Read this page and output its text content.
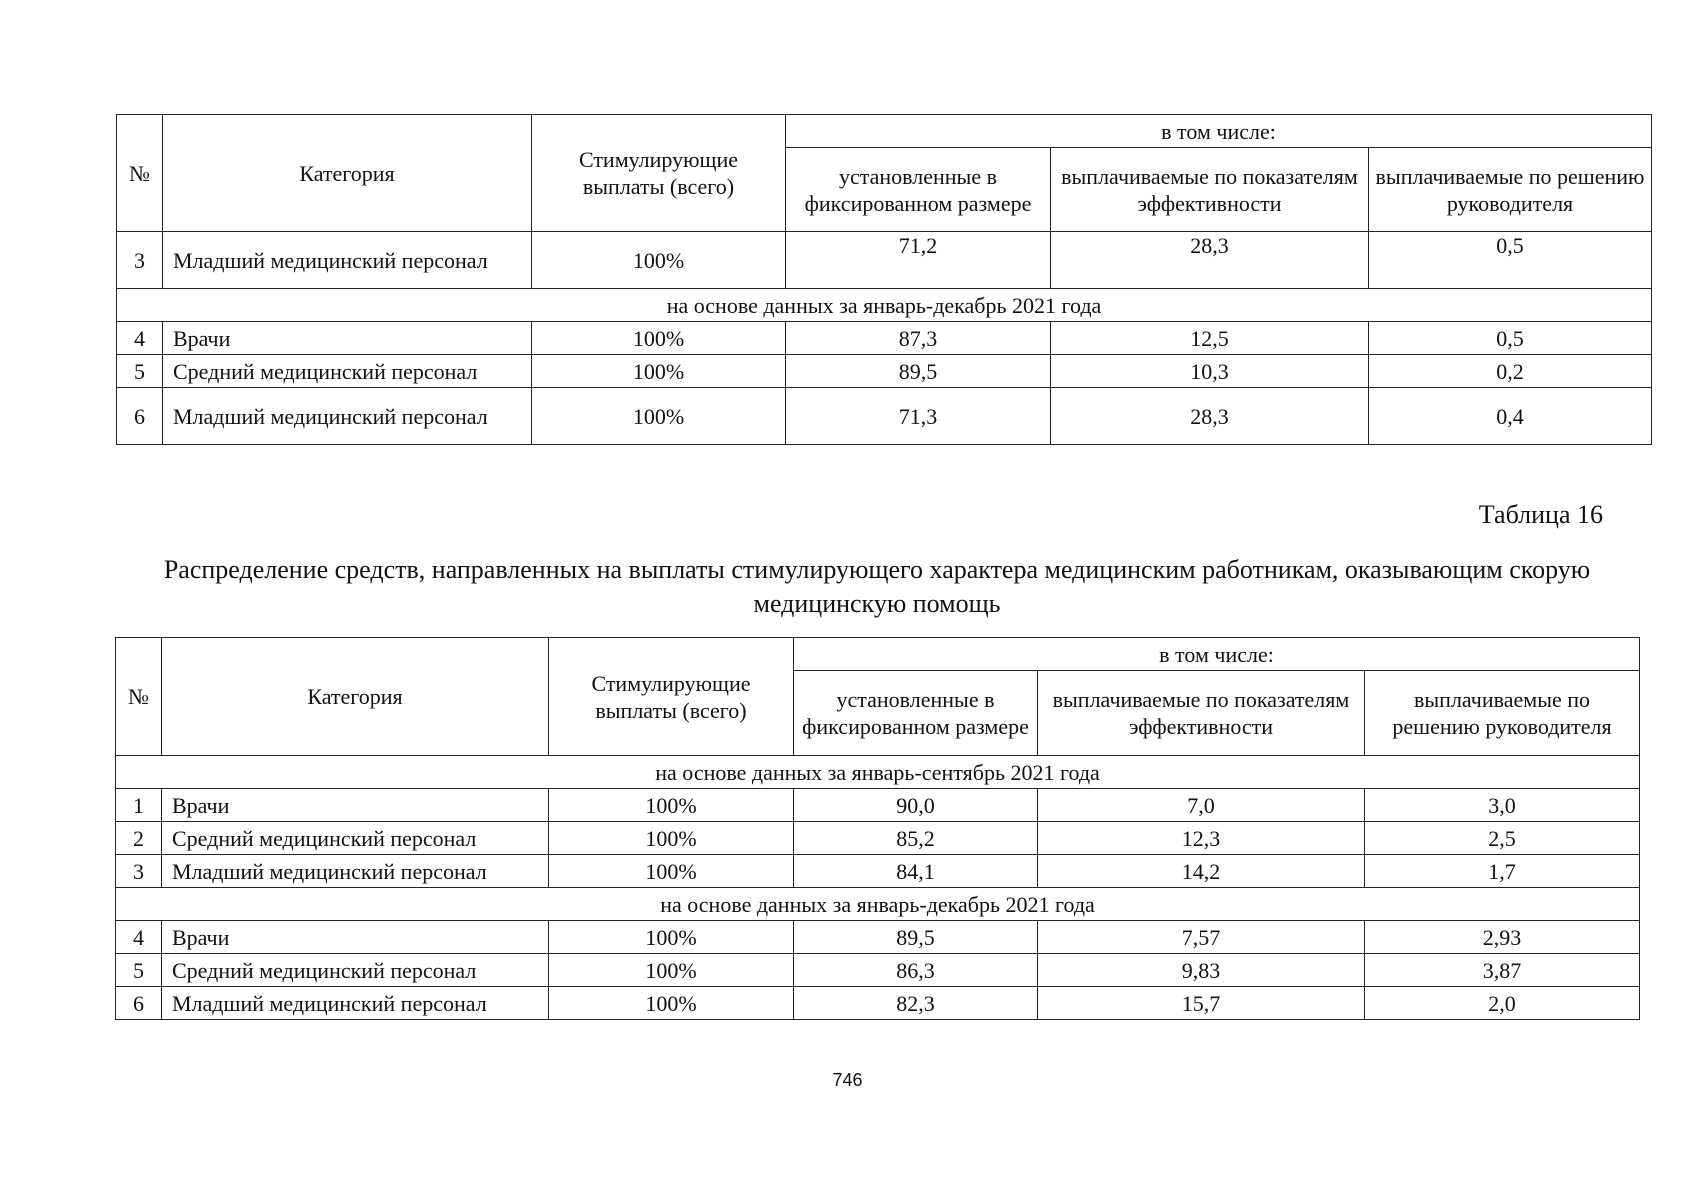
№	Категория	Стимулирующие выплаты (всего)	в том числе:		
			установленные в фиксированном размере	выплачиваемые по показателям эффективности	выплачиваемые по решению руководителя
3	Младший медицинский персонал	100%	71,2	28,3	0,5
на основе данных за январь-декабрь 2021 года					
4	Врачи	100%	87,3	12,5	0,5
5	Средний медицинский персонал	100%	89,5	10,3	0,2
6	Младший медицинский персонал	100%	71,3	28,3	0,4
Таблица 16
Распределение средств, направленных на выплаты стимулирующего характера медицинским работникам, оказывающим скорую медицинскую помощь
№	Категория	Стимулирующие выплаты (всего)	в том числе:		
			установленные в фиксированном размере	выплачиваемые по показателям эффективности	выплачиваемые по решению руководителя
на основе данных за январь-сентябрь 2021 года					
1	Врачи	100%	90,0	7,0	3,0
2	Средний медицинский персонал	100%	85,2	12,3	2,5
3	Младший медицинский персонал	100%	84,1	14,2	1,7
на основе данных за январь-декабрь 2021 года					
4	Врачи	100%	89,5	7,57	2,93
5	Средний медицинский персонал	100%	86,3	9,83	3,87
6	Младший медицинский персонал	100%	82,3	15,7	2,0
746
